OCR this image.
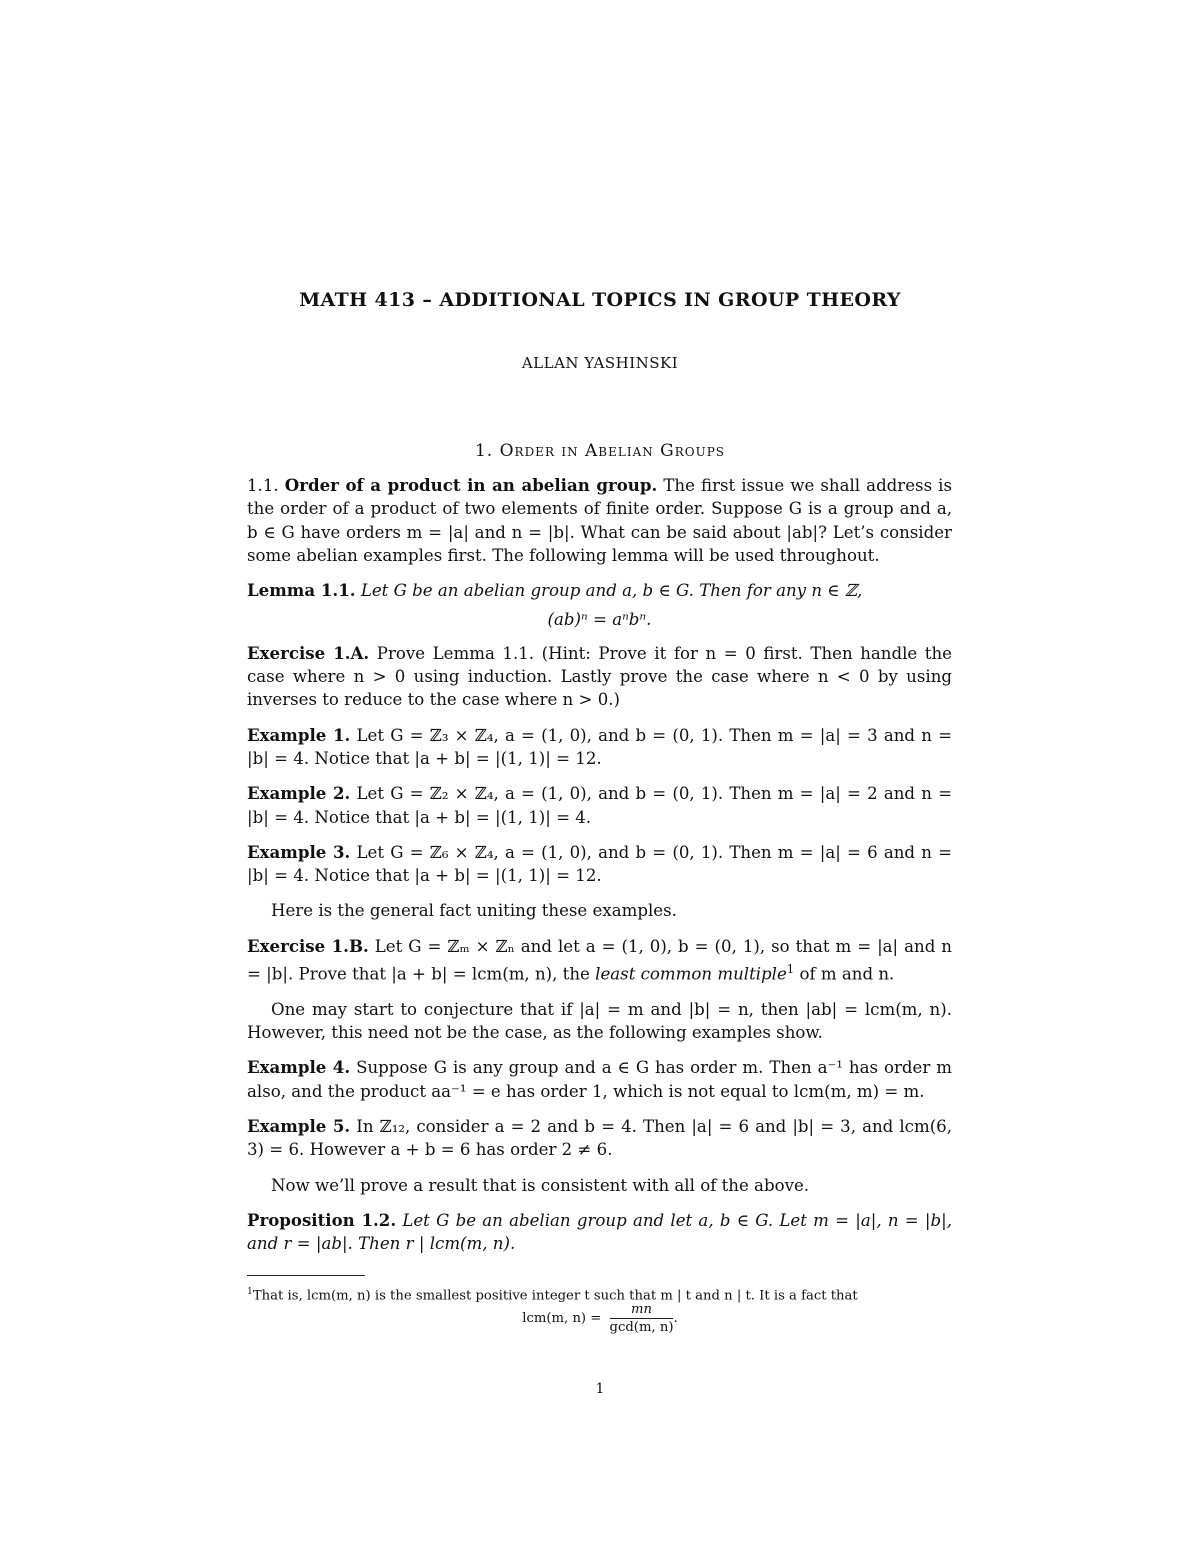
MATH 413 – ADDITIONAL TOPICS IN GROUP THEORY
ALLAN YASHINSKI
1. Order in Abelian Groups

1.1. Order of a product in an abelian group. The first issue we shall address is the order of a product of two elements of finite order. Suppose G is a group and a, b ∈ G have orders m = |a| and n = |b|. What can be said about |ab|? Let’s consider some abelian examples first. The following lemma will be used throughout.

Lemma 1.1. Let G be an abelian group and a, b ∈ G. Then for any n ∈ ℤ,

(ab)ⁿ = aⁿbⁿ.

Exercise 1.A. Prove Lemma 1.1. (Hint: Prove it for n = 0 first. Then handle the case where n > 0 using induction. Lastly prove the case where n < 0 by using inverses to reduce to the case where n > 0.)

Example 1. Let G = ℤ₃ × ℤ₄, a = (1, 0), and b = (0, 1). Then m = |a| = 3 and n = |b| = 4. Notice that |a + b| = |(1, 1)| = 12.

Example 2. Let G = ℤ₂ × ℤ₄, a = (1, 0), and b = (0, 1). Then m = |a| = 2 and n = |b| = 4. Notice that |a + b| = |(1, 1)| = 4.

Example 3. Let G = ℤ₆ × ℤ₄, a = (1, 0), and b = (0, 1). Then m = |a| = 6 and n = |b| = 4. Notice that |a + b| = |(1, 1)| = 12.

Here is the general fact uniting these examples.

Exercise 1.B. Let G = ℤₘ × ℤₙ and let a = (1, 0), b = (0, 1), so that m = |a| and n = |b|. Prove that |a + b| = lcm(m, n), the least common multiple$^1$ of m and n.

One may start to conjecture that if |a| = m and |b| = n, then |ab| = lcm(m, n). However, this need not be the case, as the following examples show.

Example 4. Suppose G is any group and a ∈ G has order m. Then a⁻¹ has order m also, and the product aa⁻¹ = e has order 1, which is not equal to lcm(m, m) = m.

Example 5. In ℤ₁₂, consider a = 2 and b = 4. Then |a| = 6 and |b| = 3, and lcm(6, 3) = 6. However a + b = 6 has order 2 ≠ 6.

Now we’ll prove a result that is consistent with all of the above.

Proposition 1.2. Let G be an abelian group and let a, b ∈ G. Let m = |a|, n = |b|, and r = |ab|. Then r | lcm(m, n).

$^1$That is, lcm(m, n) is the smallest positive integer t such that m | t and n | t. It is a fact that
lcm(m, $n) = \frac{mn}{\gcd(m, n)}$ .
1
